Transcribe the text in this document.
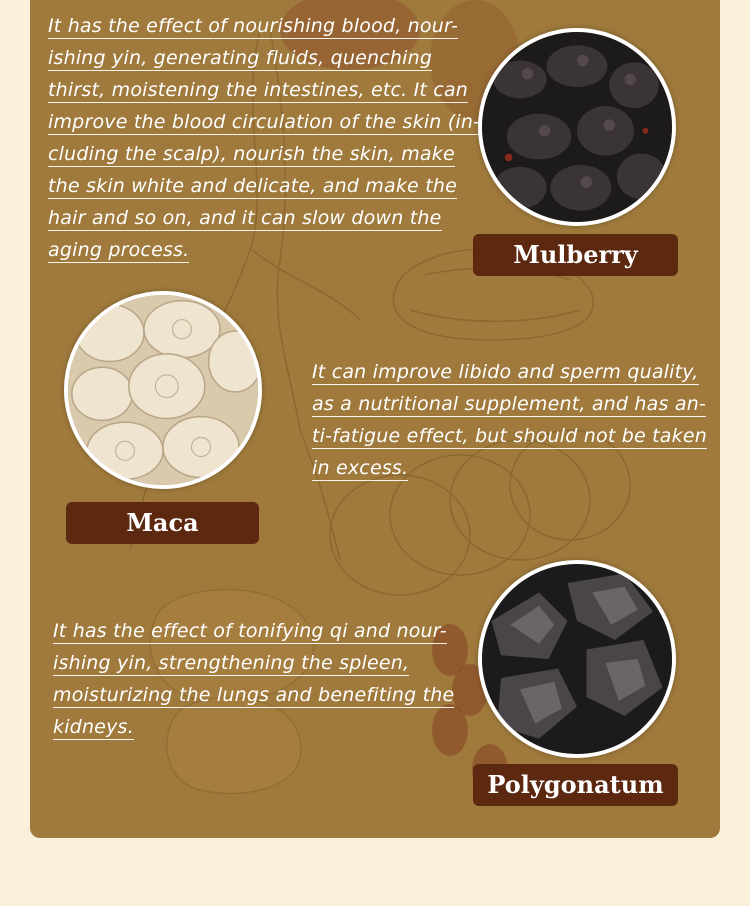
It has the effect of nourishing blood, nour-
ishing yin, generating fluids, quenching
thirst, moistening the intestines, etc. It can
improve the blood circulation of the skin (in-
cluding the scalp), nourish the skin, make
the skin white and delicate, and make the
hair and so on, and it can slow down the
aging process.	Mulberry

It can improve libido and sperm quality,
as a nutritional supplement, and has an-
ti-fatigue effect, but should not be taken
in excess.

Maca

It has the effect of tonifying qi and nour-
ishing yin, strengthening the spleen,
moisturizing the lungs and benefiting the
kidneys.

Polygonatum
